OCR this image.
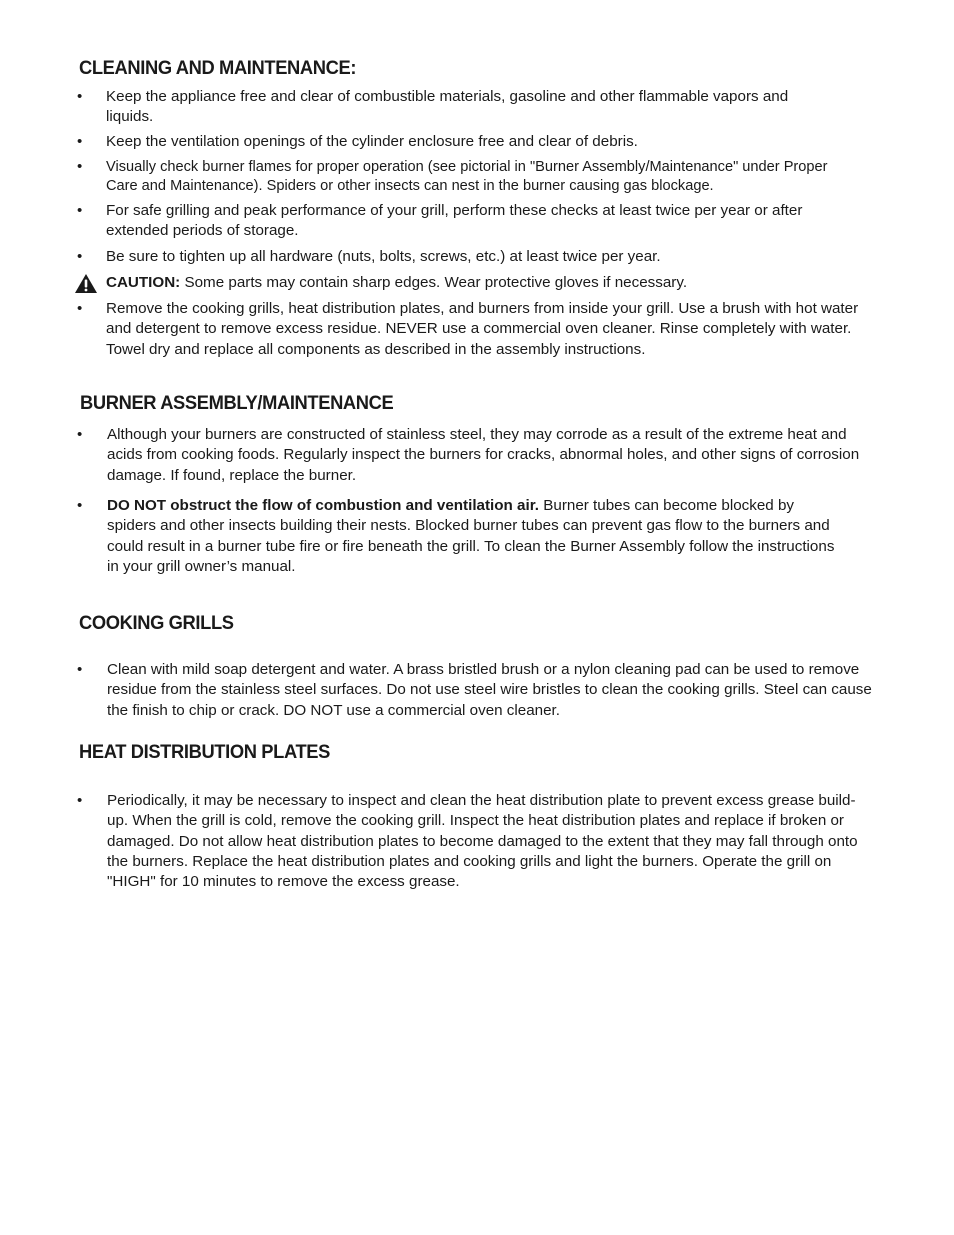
CLEANING AND MAINTENANCE:
• Keep the appliance free and clear of combustible materials, gasoline and other flammable vapors and liquids.
• Keep the ventilation openings of the cylinder enclosure free and clear of debris.
• Visually check burner flames for proper operation (see pictorial in "Burner Assembly/Maintenance" under Proper Care and Maintenance). Spiders or other insects can nest in the burner causing gas blockage.
• For safe grilling and peak performance of your grill, perform these checks at least twice per year or after extended periods of storage.
• Be sure to tighten up all hardware (nuts, bolts, screws, etc.) at least twice per year.
CAUTION: Some parts may contain sharp edges. Wear protective gloves if necessary.
• Remove the cooking grills, heat distribution plates, and burners from inside your grill. Use a brush with hot water and detergent to remove excess residue. NEVER use a commercial oven cleaner. Rinse completely with water. Towel dry and replace all components as described in the assembly instructions.
BURNER ASSEMBLY/MAINTENANCE
• Although your burners are constructed of stainless steel, they may corrode as a result of the extreme heat and acids from cooking foods. Regularly inspect the burners for cracks, abnormal holes, and other signs of corrosion damage. If found, replace the burner.
• DO NOT obstruct the flow of combustion and ventilation air. Burner tubes can become blocked by spiders and other insects building their nests. Blocked burner tubes can prevent gas flow to the burners and could result in a burner tube fire or fire beneath the grill. To clean the Burner Assembly follow the instructions in your grill owner’s manual.
COOKING GRILLS
• Clean with mild soap detergent and water. A brass bristled brush or a nylon cleaning pad can be used to remove residue from the stainless steel surfaces. Do not use steel wire bristles to clean the cooking grills. Steel can cause the finish to chip or crack. DO NOT use a commercial oven cleaner.
HEAT DISTRIBUTION PLATES
• Periodically, it may be necessary to inspect and clean the heat distribution plate to prevent excess grease build-up. When the grill is cold, remove the cooking grill. Inspect the heat distribution plates and replace if broken or damaged. Do not allow heat distribution plates to become damaged to the extent that they may fall through onto the burners. Replace the heat distribution plates and cooking grills and light the burners. Operate the grill on "HIGH" for 10 minutes to remove the excess grease.
